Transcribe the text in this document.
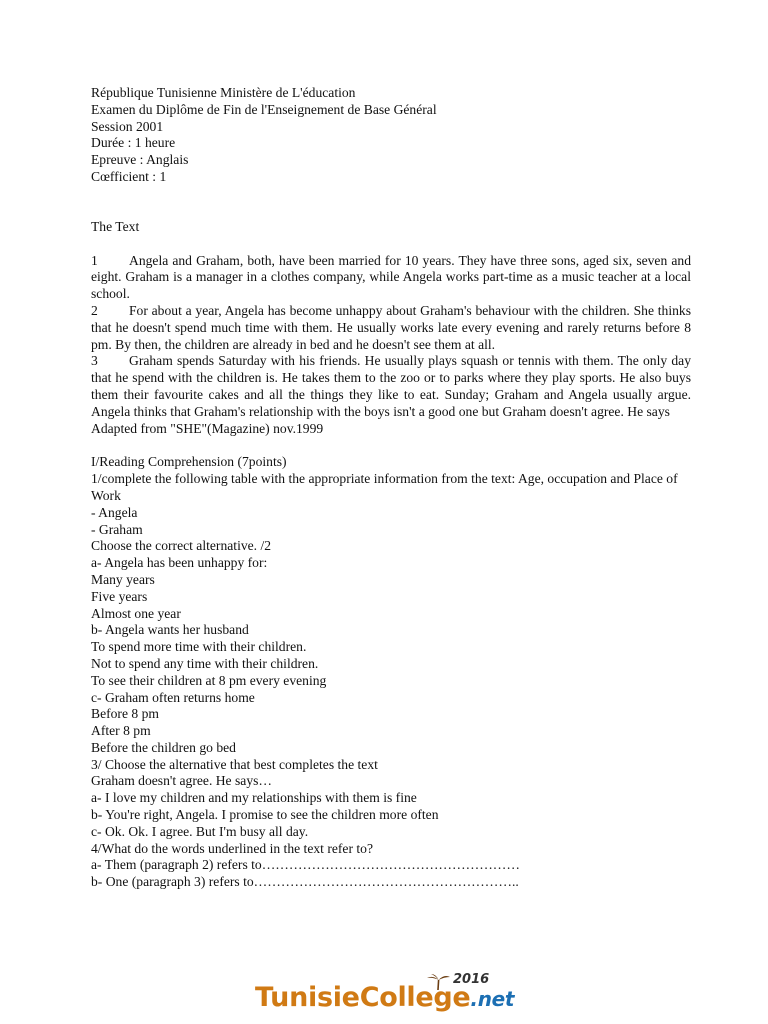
République Tunisienne Ministère de L'éducation
Examen du Diplôme de Fin de l'Enseignement de Base Général
Session 2001
Durée : 1 heure
Epreuve : Anglais
Cœfficient : 1
The Text
1 Angela and Graham, both, have been married for 10 years. They have three sons, aged six, seven and eight. Graham is a manager in a clothes company, while Angela works part-time as a music teacher at a local school.
2 For about a year, Angela has become unhappy about Graham's behaviour with the children. She thinks that he doesn't spend much time with them. He usually works late every evening and rarely returns before 8 pm. By then, the children are already in bed and he doesn't see them at all.
3 Graham spends Saturday with his friends. He usually plays squash or tennis with them. The only day that he spend with the children is. He takes them to the zoo or to parks where they play sports. He also buys them their favourite cakes and all the things they like to eat. Sunday; Graham and Angela usually argue. Angela thinks that Graham's relationship with the boys isn't a good one but Graham doesn't agree. He says
Adapted from "SHE"(Magazine) nov.1999
I/Reading Comprehension (7points)
1/complete the following table with the appropriate information from the text: Age, occupation and Place of Work
- Angela
- Graham
Choose the correct alternative. /2
a- Angela has been unhappy for:
Many years
Five years
Almost one year
b- Angela wants her husband
To spend more time with their children.
Not to spend any time with their children.
To see their children at 8 pm every evening
c- Graham often returns home
Before 8 pm
After 8 pm
Before the children go bed
3/ Choose the alternative that best completes the text
Graham doesn't agree. He says…
a- I love my children and my relationships with them is fine
b- You're right, Angela. I promise to see the children more often
c- Ok. Ok. I agree. But I'm busy all day.
4/What do the words underlined in the text refer to?
a- Them (paragraph 2) refers to…………………………………………………
b- One (paragraph 3) refers to…………………………………………………..
2016
TunisieCollege.net
